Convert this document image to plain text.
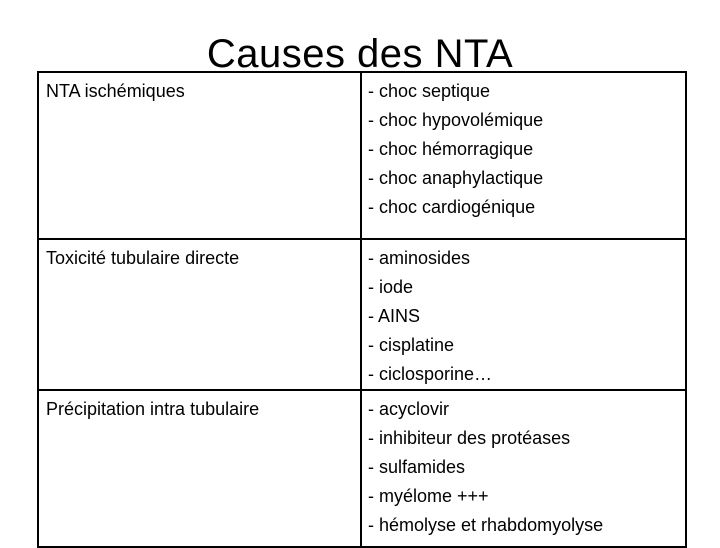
Causes des NTA
NTA ischémiques	- choc septique
- choc hypovolémique
- choc hémorragique
- choc anaphylactique
- choc cardiogénique

Toxicité tubulaire directe	- aminosides
- iode
- AINS
- cisplatine
- ciclosporine…

Précipitation intra tubulaire	- acyclovir
- inhibiteur des protéases
- sulfamides
- myélome +++
- hémolyse et rhabdomyolyse
